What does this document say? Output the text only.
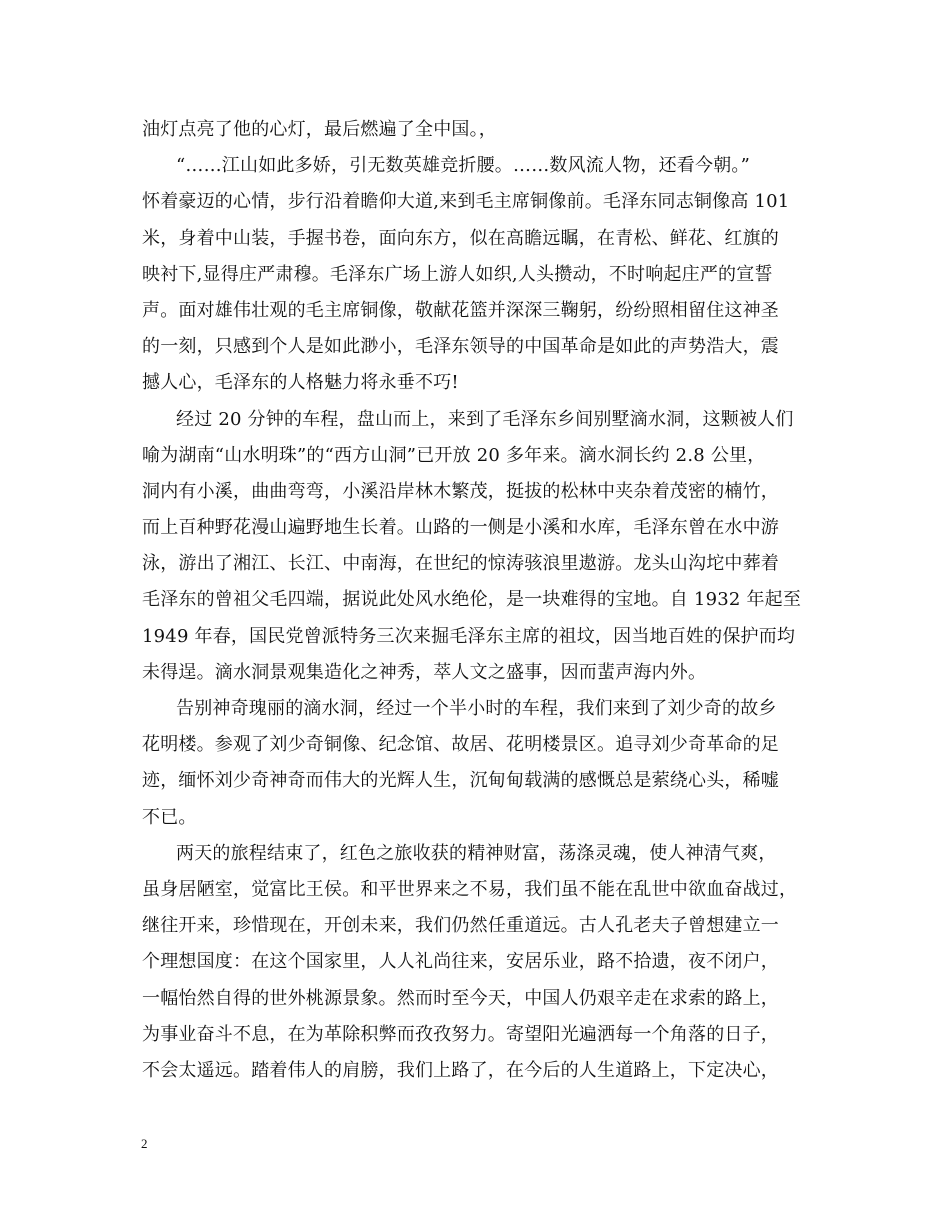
油灯点亮了他的心灯，最后燃遍了全中国。，
“……江山如此多娇，引无数英雄竞折腰。……数风流人物，还看今朝。”
怀着豪迈的心情，步行沿着瞻仰大道,来到毛主席铜像前。毛泽东同志铜像高 101
米，身着中山装，手握书卷，面向东方，似在高瞻远瞩，在青松、鲜花、红旗的
映衬下,显得庄严肃穆。毛泽东广场上游人如织,人头攒动，不时响起庄严的宣誓
声。面对雄伟壮观的毛主席铜像，敬献花篮并深深三鞠躬，纷纷照相留住这神圣
的一刻，只感到个人是如此渺小，毛泽东领导的中国革命是如此的声势浩大，震
撼人心，毛泽东的人格魅力将永垂不巧!
经过 20 分钟的车程，盘山而上，来到了毛泽东乡间别墅滴水洞，这颗被人们
喻为湖南“山水明珠”的“西方山洞”已开放 20 多年来。滴水洞长约 2.8 公里，
洞内有小溪，曲曲弯弯，小溪沿岸林木繁茂，挺拔的松林中夹杂着茂密的楠竹，
而上百种野花漫山遍野地生长着。山路的一侧是小溪和水库，毛泽东曾在水中游
泳，游出了湘江、长江、中南海，在世纪的惊涛骇浪里遨游。龙头山沟坨中葬着
毛泽东的曾祖父毛四端，据说此处风水绝伦，是一块难得的宝地。自 1932 年起至
1949 年春，国民党曾派特务三次来掘毛泽东主席的祖坟，因当地百姓的保护而均
未得逞。滴水洞景观集造化之神秀，萃人文之盛事，因而蜚声海内外。
告别神奇瑰丽的滴水洞，经过一个半小时的车程，我们来到了刘少奇的故乡
花明楼。参观了刘少奇铜像、纪念馆、故居、花明楼景区。追寻刘少奇革命的足
迹，缅怀刘少奇神奇而伟大的光辉人生，沉甸甸载满的感慨总是萦绕心头，稀嘘
不已。
两天的旅程结束了，红色之旅收获的精神财富，荡涤灵魂，使人神清气爽，
虽身居陋室，觉富比王侯。和平世界来之不易，我们虽不能在乱世中欲血奋战过，
继往开来，珍惜现在，开创未来，我们仍然任重道远。古人孔老夫子曾想建立一
个理想国度：在这个国家里，人人礼尚往来，安居乐业，路不拾遗，夜不闭户，
一幅怡然自得的世外桃源景象。然而时至今天，中国人仍艰辛走在求索的路上，
为事业奋斗不息，在为革除积弊而孜孜努力。寄望阳光遍洒每一个角落的日子，
不会太遥远。踏着伟人的肩膀，我们上路了，在今后的人生道路上，下定决心，
2
